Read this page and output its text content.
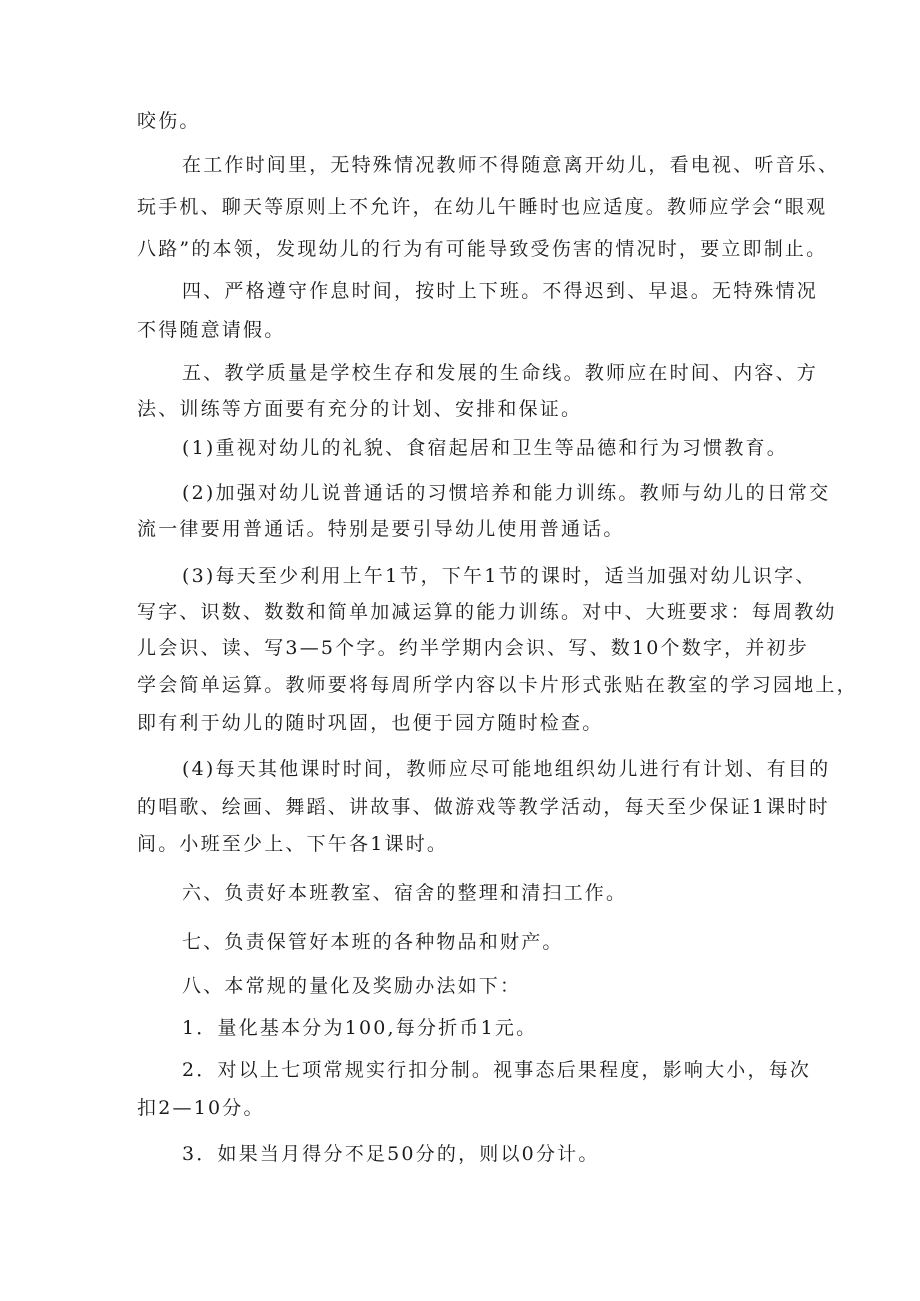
咬伤。
在工作时间里，无特殊情况教师不得随意离开幼儿，看电视、听音乐、
玩手机、聊天等原则上不允许，在幼儿午睡时也应适度。教师应学会“眼观
八路”的本领，发现幼儿的行为有可能导致受伤害的情况时，要立即制止。
四、严格遵守作息时间，按时上下班。不得迟到、早退。无特殊情况
不得随意请假。
五、教学质量是学校生存和发展的生命线。教师应在时间、内容、方
法、训练等方面要有充分的计划、安排和保证。
(1)重视对幼儿的礼貌、食宿起居和卫生等品德和行为习惯教育。
(2)加强对幼儿说普通话的习惯培养和能力训练。教师与幼儿的日常交
流一律要用普通话。特别是要引导幼儿使用普通话。
(3)每天至少利用上午1节，下午1节的课时，适当加强对幼儿识字、
写字、识数、数数和简单加减运算的能力训练。对中、大班要求：每周教幼
儿会识、读、写3—5个字。约半学期内会识、写、数10个数字，并初步
学会简单运算。教师要将每周所学内容以卡片形式张贴在教室的学习园地上，
即有利于幼儿的随时巩固，也便于园方随时检查。
(4)每天其他课时时间，教师应尽可能地组织幼儿进行有计划、有目的
的唱歌、绘画、舞蹈、讲故事、做游戏等教学活动，每天至少保证1课时时
间。小班至少上、下午各1课时。
六、负责好本班教室、宿舍的整理和清扫工作。
七、负责保管好本班的各种物品和财产。
八、本常规的量化及奖励办法如下：
1．量化基本分为100,每分折币1元。
2．对以上七项常规实行扣分制。视事态后果程度，影响大小，每次
扣2—10分。
3．如果当月得分不足50分的，则以0分计。
